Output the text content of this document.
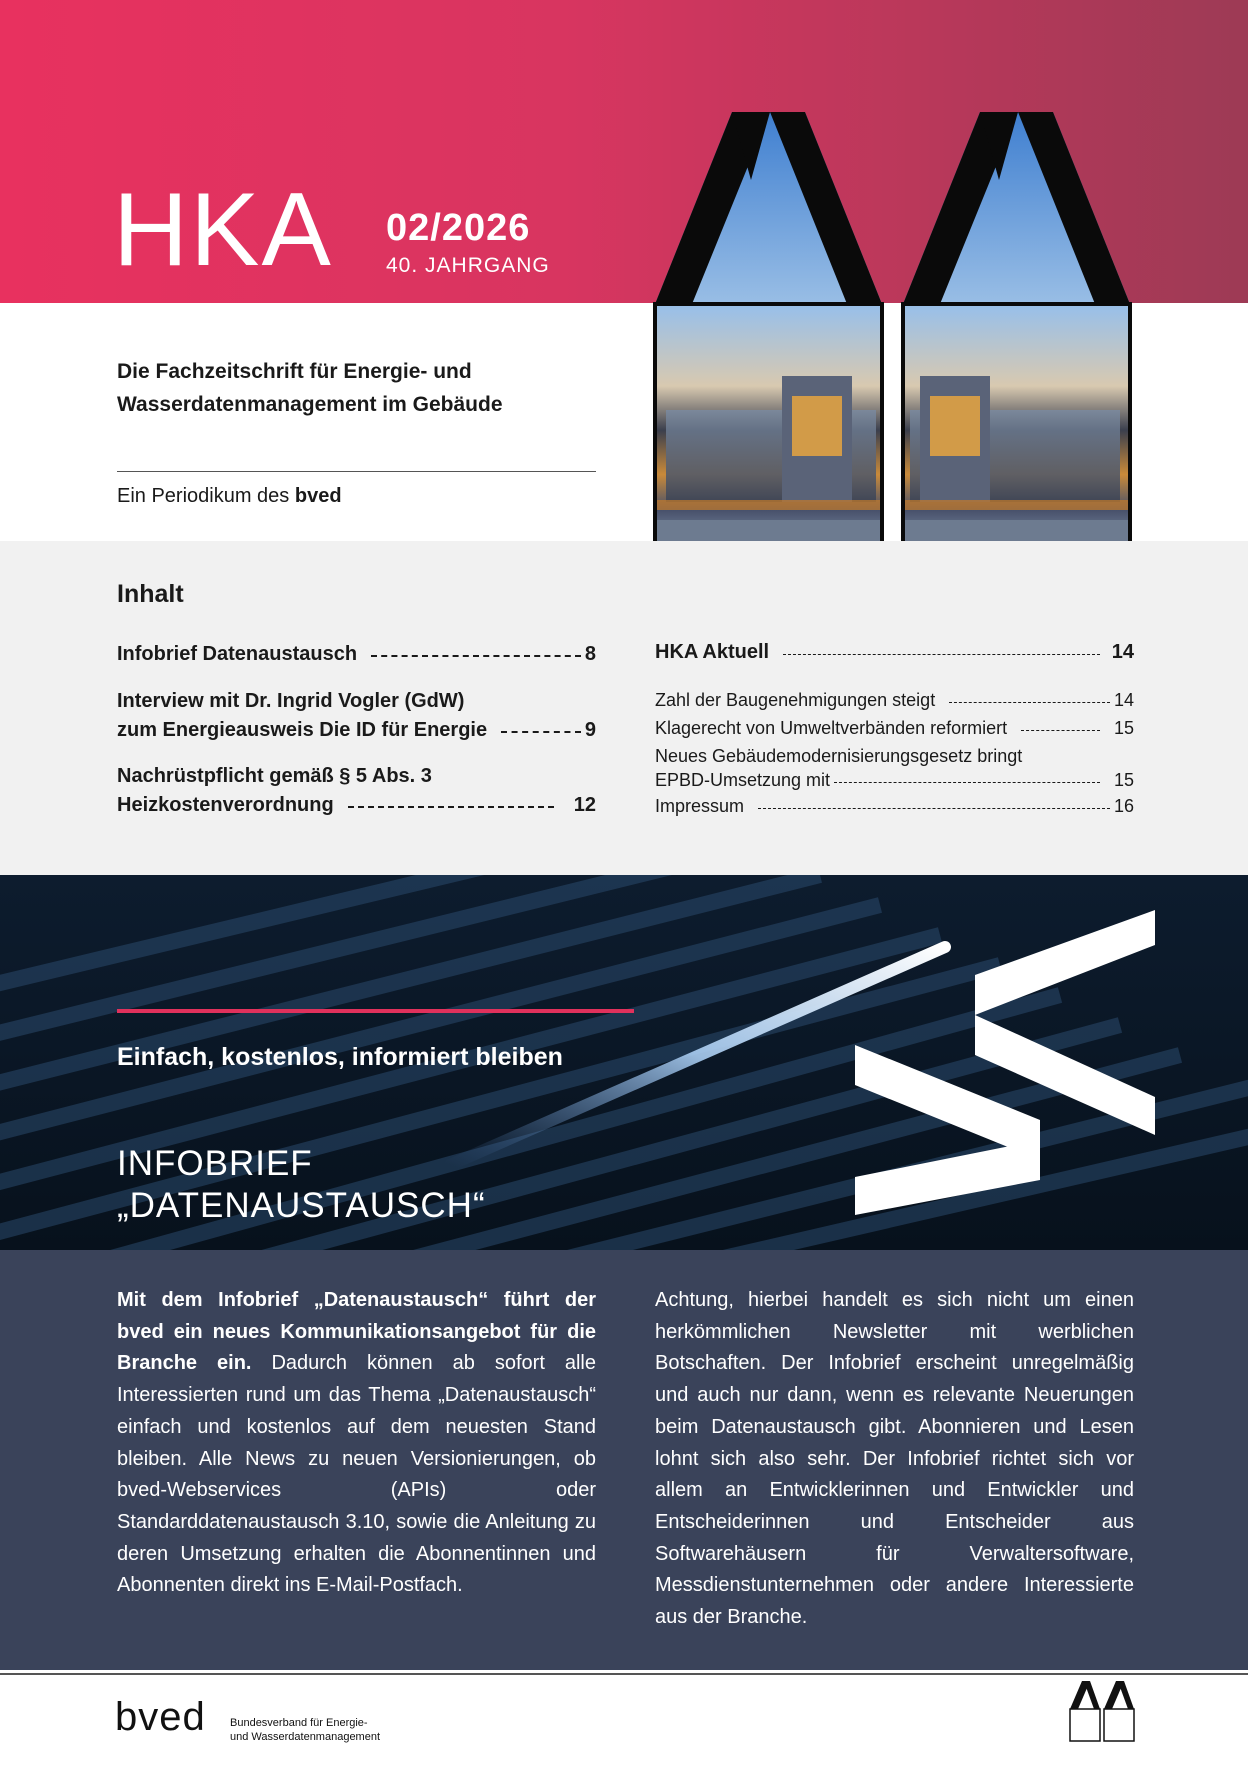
HKA 02/2026
40. JAHRGANG
Die Fachzeitschrift für Energie- und
Wasserdatenmanagement im Gebäude
Ein Periodikum des bved
Inhalt
Infobrief Datenaustausch	8
Interview mit Dr. Ingrid Vogler (GdW)
zum Energieausweis Die ID für Energie	9
Nachrüstpflicht gemäß § 5 Abs. 3
Heizkostenverordnung	12
HKA Aktuell	14
Zahl der Baugenehmigungen steigt	14
Klagerecht von Umweltverbänden reformiert	15
Neues Gebäudemodernisierungsgesetz bringt
EPBD-Umsetzung mit	15
Impressum	16
Einfach, kostenlos, informiert bleiben
INFOBRIEF
„DATENAUSTAUSCH“
Mit dem Infobrief „Datenaustausch“ führt der bved ein neues Kommunikationsangebot für die Branche ein. Dadurch können ab sofort alle Interessierten rund um das Thema „Datenaustausch“ einfach und kostenlos auf dem neuesten Stand bleiben. Alle News zu neuen Versionierungen, ob bved-Webservices (APIs) oder Standarddatenaustausch 3.10, sowie die Anleitung zu deren Umsetzung erhalten die Abonnentinnen und Abonnenten direkt ins E-Mail-Postfach.
Achtung, hierbei handelt es sich nicht um einen herkömmlichen Newsletter mit werblichen Botschaften. Der Infobrief erscheint unregelmäßig und auch nur dann, wenn es relevante Neuerungen beim Datenaustausch gibt. Abonnieren und Lesen lohnt sich also sehr. Der Infobrief richtet sich vor allem an Entwicklerinnen und Entwickler und Entscheiderinnen und Entscheider aus Softwarehäusern für Verwaltersoftware, Messdienstunternehmen oder andere Interessierte aus der Branche.
bved Bundesverband für Energie-
und Wasserdatenmanagement
